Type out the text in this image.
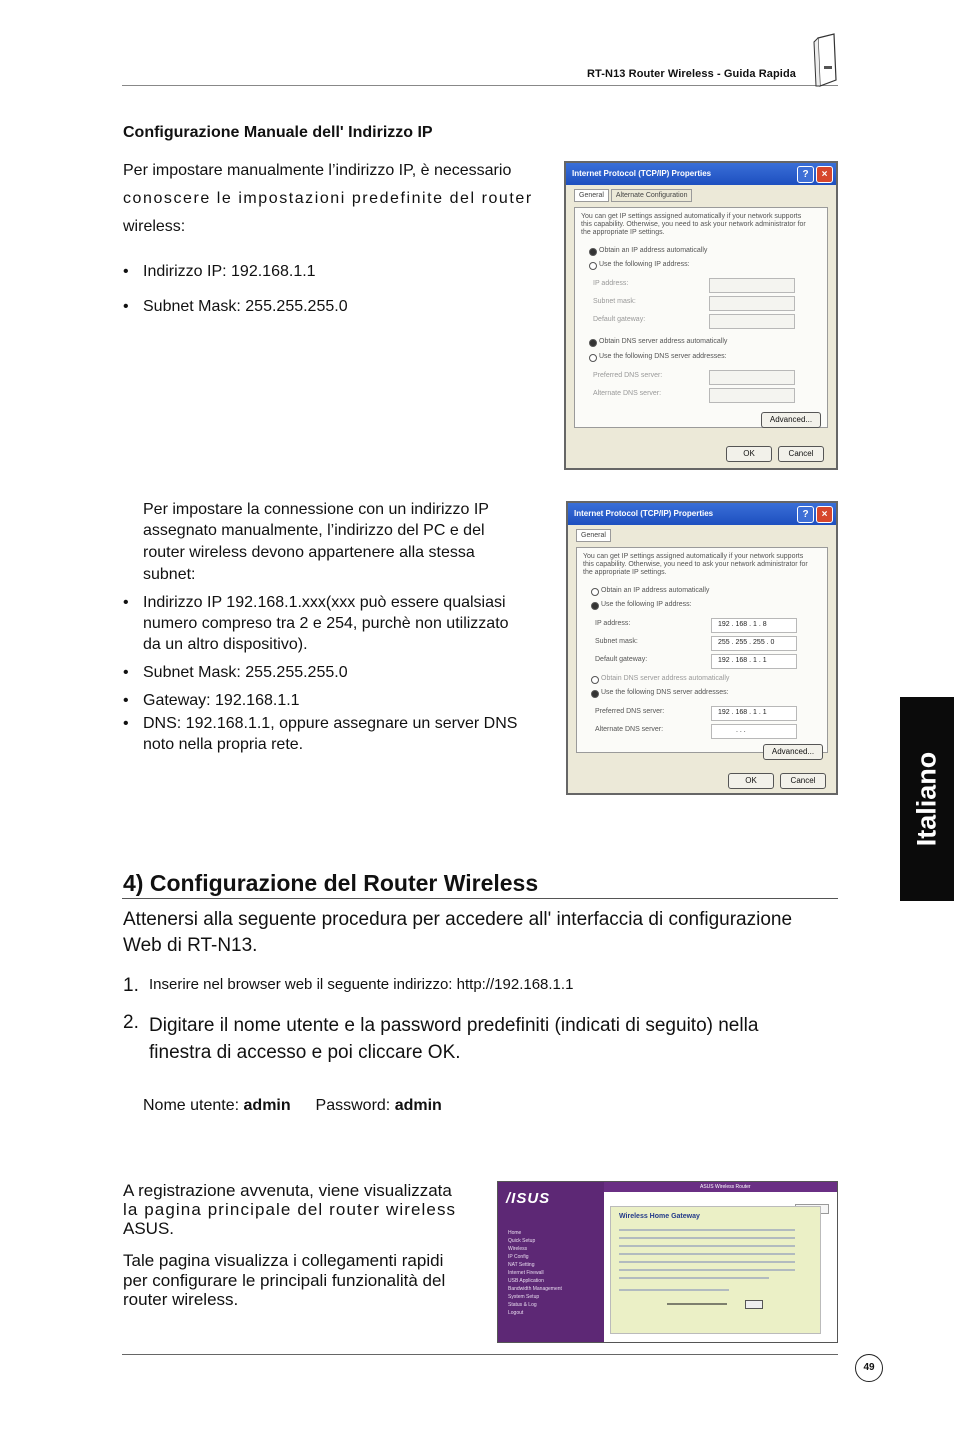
RT-N13 Router Wireless - Guida Rapida
Italiano
Configurazione Manuale dell' Indirizzo IP
Per impostare manualmente l’indirizzo IP, è necessario
conoscere le impostazioni predefinite del router
wireless:
• Indirizzo IP: 192.168.1.1
• Subnet Mask: 255.255.255.0
Internet Protocol (TCP/IP) Properties	?	×
General Alternate Configuration
You can get IP settings assigned automatically if your network supports this capability. Otherwise, you need to ask your network administrator for the appropriate IP settings.
Obtain an IP address automatically
Use the following IP address:
IP address:
Subnet mask:
Default gateway:
Obtain DNS server address automatically
Use the following DNS server addresses:
Preferred DNS server:
Alternate DNS server:
Advanced...
OK	Cancel
Per impostare la connessione con un indirizzo IP
assegnato manualmente, l’indirizzo del PC e del
router wireless devono appartenere alla stessa
subnet:
• Indirizzo IP 192.168.1.xxx(xxx può essere qualsiasi
numero compreso tra 2 e 254, purchè non utilizzato
da un altro dispositivo).
• Subnet Mask: 255.255.255.0
• Gateway: 192.168.1.1
• DNS: 192.168.1.1, oppure assegnare un server DNS
noto nella propria rete.
Internet Protocol (TCP/IP) Properties	?	×
General
You can get IP settings assigned automatically if your network supports this capability. Otherwise, you need to ask your network administrator for the appropriate IP settings.
Obtain an IP address automatically
Use the following IP address:
IP address:	192 . 168 . 1 . 8
Subnet mask:	255 . 255 . 255 . 0
Default gateway:	192 . 168 . 1 . 1
Obtain DNS server address automatically
Use the following DNS server addresses:
Preferred DNS server:	192 . 168 . 1 . 1
Alternate DNS server:	. . .
Advanced...
OK	Cancel
4) Configurazione del Router Wireless
Attenersi alla seguente procedura per accedere all' interfaccia di configurazione
Web di RT-N13.
1. Inserire nel browser web il seguente indirizzo: http://192.168.1.1
2. Digitare il nome utente e la password predefiniti (indicati di seguito) nella
finestra di accesso e poi cliccare OK.
Nome utente: admin Password: admin
A registrazione avvenuta, viene visualizzata
la pagina principale del router wireless
ASUS.
Tale pagina visualizza i collegamenti rapidi
per configurare le principali funzionalità del
router wireless.
/ISUS
Home
Quick Setup
Wireless
IP Config
NAT Setting
Internet Firewall
USB Application
Bandwidth Management
System Setup
Status & Log
Logout
ASUS Wireless Router
Wireless Home Gateway
49
